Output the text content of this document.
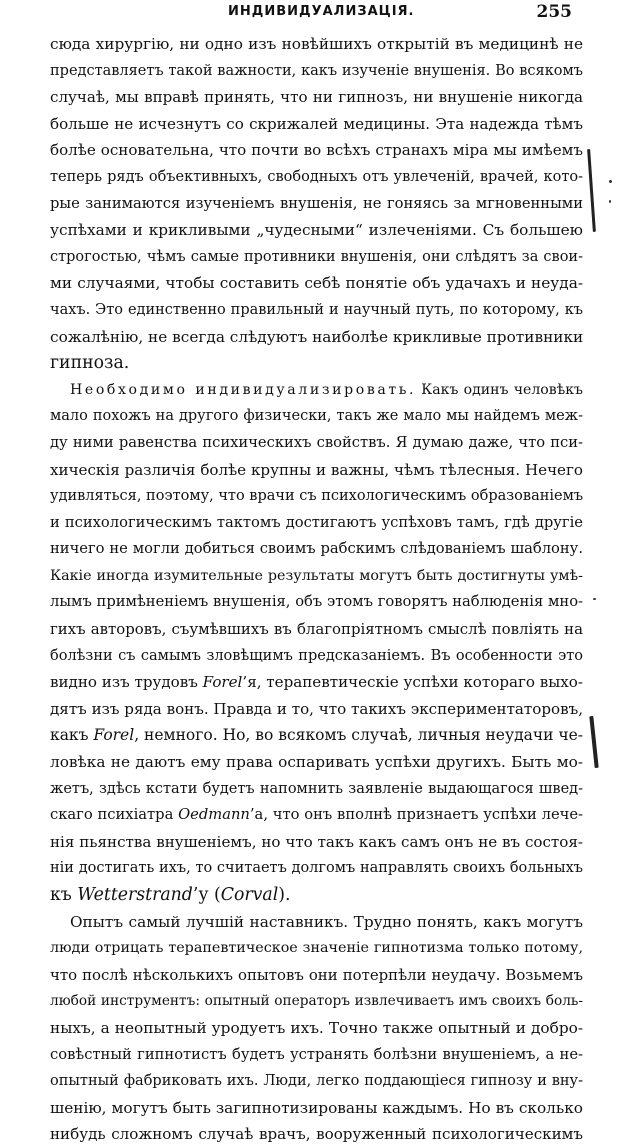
ИНДИВИДУАЛИЗАЦІЯ.	255
сюда хирургію, ни одно изъ новѣйшихъ открытій въ медицинѣ не
представляетъ такой важности, какъ изученіе внушенія. Во всякомъ
случаѣ, мы вправѣ принять, что ни гипнозъ, ни внушеніе никогда
больше не исчезнутъ со скрижалей медицины. Эта надежда тѣмъ
болѣе основательна, что почти во всѣхъ странахъ міра мы имѣемъ
теперь рядъ объективныхъ, свободныхъ отъ увлеченій, врачей, кото-
рые занимаются изученіемъ внушенія, не гоняясь за мгновенными
успѣхами и крикливыми „чудесными“ излеченіями. Съ большею
строгостью, чѣмъ самые противники внушенія, они слѣдятъ за свои-
ми случаями, чтобы составить себѣ понятіе объ удачахъ и неуда-
чахъ. Это единственно правильный и научный путь, по которому, къ
сожалѣнію, не всегда слѣдуютъ наиболѣе крикливые противники
гипноза.
Необходимо индивидуализировать. Какъ одинъ человѣкъ
мало похожъ на другого физически, такъ же мало мы найдемъ меж-
ду ними равенства психическихъ свойствъ. Я думаю даже, что пси-
хическія различія болѣе крупны и важны, чѣмъ тѣлесныя. Нечего
удивляться, поэтому, что врачи съ психологическимъ образованіемъ
и психологическимъ тактомъ достигаютъ успѣховъ тамъ, гдѣ другіе
ничего не могли добиться своимъ рабскимъ слѣдованіемъ шаблону.
Какіе иногда изумительные результаты могутъ быть достигнуты умѣ-
лымъ примѣненіемъ внушенія, объ этомъ говорятъ наблюденія мно-
гихъ авторовъ, съумѣвшихъ въ благопріятномъ смыслѣ повліять на
болѣзни съ самымъ зловѣщимъ предсказаніемъ. Въ особенности это
видно изъ трудовъ Forel’я, терапевтическіе успѣхи котораго выхо-
дятъ изъ ряда вонъ. Правда и то, что такихъ экспериментаторовъ,
какъ Forel, немного. Но, во всякомъ случаѣ, личныя неудачи че-
ловѣка не даютъ ему права оспаривать успѣхи другихъ. Быть мо-
жетъ, здѣсь кстати будетъ напомнить заявленіе выдающагося швед-
скаго психіатра Oedmann’а, что онъ вполнѣ признаетъ успѣхи лече-
нія пьянства внушеніемъ, но что такъ какъ самъ онъ не въ состоя-
ніи достигать ихъ, то считаетъ долгомъ направлять своихъ больныхъ
къ Wetterstrand’у (Corval).
Опытъ самый лучшій наставникъ. Трудно понять, какъ могутъ
люди отрицать терапевтическое значеніе гипнотизма только потому,
что послѣ нѣсколькихъ опытовъ они потерпѣли неудачу. Возьмемъ
любой инструментъ: опытный операторъ извлечиваетъ имъ своихъ боль-
ныхъ, а неопытный уродуетъ ихъ. Точно также опытный и добро-
совѣстный гипнотистъ будетъ устранять болѣзни внушеніемъ, а не-
опытный фабриковать ихъ. Люди, легко поддающіеся гипнозу и вну-
шенію, могутъ быть загипнотизированы каждымъ. Но въ сколько
нибудь сложномъ случаѣ врачъ, вооруженный психологическимъ
